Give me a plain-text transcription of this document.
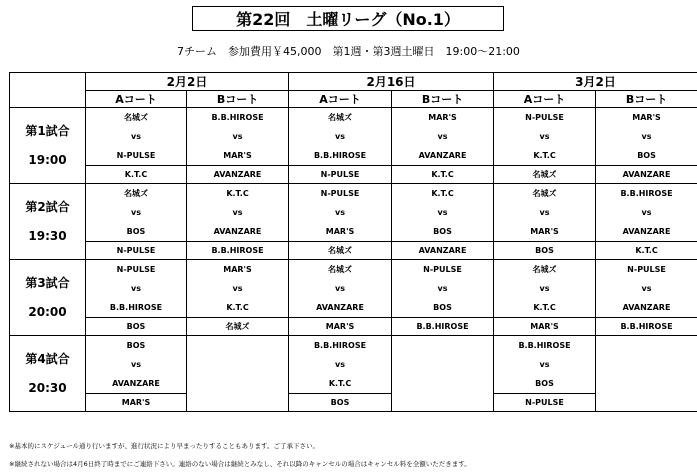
第22回　土曜リーグ（No.1）
7チーム　参加費用￥45,000　第1週・第3週土曜日　19:00～21:00
	2月2日		2月16日		3月2日	
	Aコート	Bコート	Aコート	Bコート	Aコート	Bコート

第1試合
19:00	名城ズ	B.B.HIROSE	名城ズ	MAR'S	N-PULSE	MAR'S
	vs	vs	vs	vs	vs	vs
	N-PULSE	MAR'S	B.B.HIROSE	AVANZARE	K.T.C	BOS
	K.T.C	AVANZARE	N-PULSE	K.T.C	名城ズ	AVANZARE

第2試合
19:30	名城ズ	K.T.C	N-PULSE	K.T.C	名城ズ	B.B.HIROSE
	vs	vs	vs	vs	vs	vs
	BOS	AVANZARE	MAR'S	BOS	MAR'S	AVANZARE
	N-PULSE	B.B.HIROSE	名城ズ	AVANZARE	BOS	K.T.C

第3試合
20:00	N-PULSE	MAR'S	名城ズ	N-PULSE	名城ズ	N-PULSE
	vs	vs	vs	vs	vs	vs
	B.B.HIROSE	K.T.C	AVANZARE	BOS	K.T.C	AVANZARE
	BOS	名城ズ	MAR'S	B.B.HIROSE	MAR'S	B.B.HIROSE

第4試合
20:30	BOS		B.B.HIROSE		B.B.HIROSE	
	vs		vs		vs	
	AVANZARE		K.T.C		BOS	
	MAR'S		BOS		N-PULSE	
※基本的にスケジュール通り行いますが、進行状況により早まったりすることもあります。ご了承下さい。
※継続されない場合は4月6日終了時までにご連絡下さい。連絡のない場合は継続とみなし、それ以降のキャンセルの場合はキャンセル料を全額いただきます。
